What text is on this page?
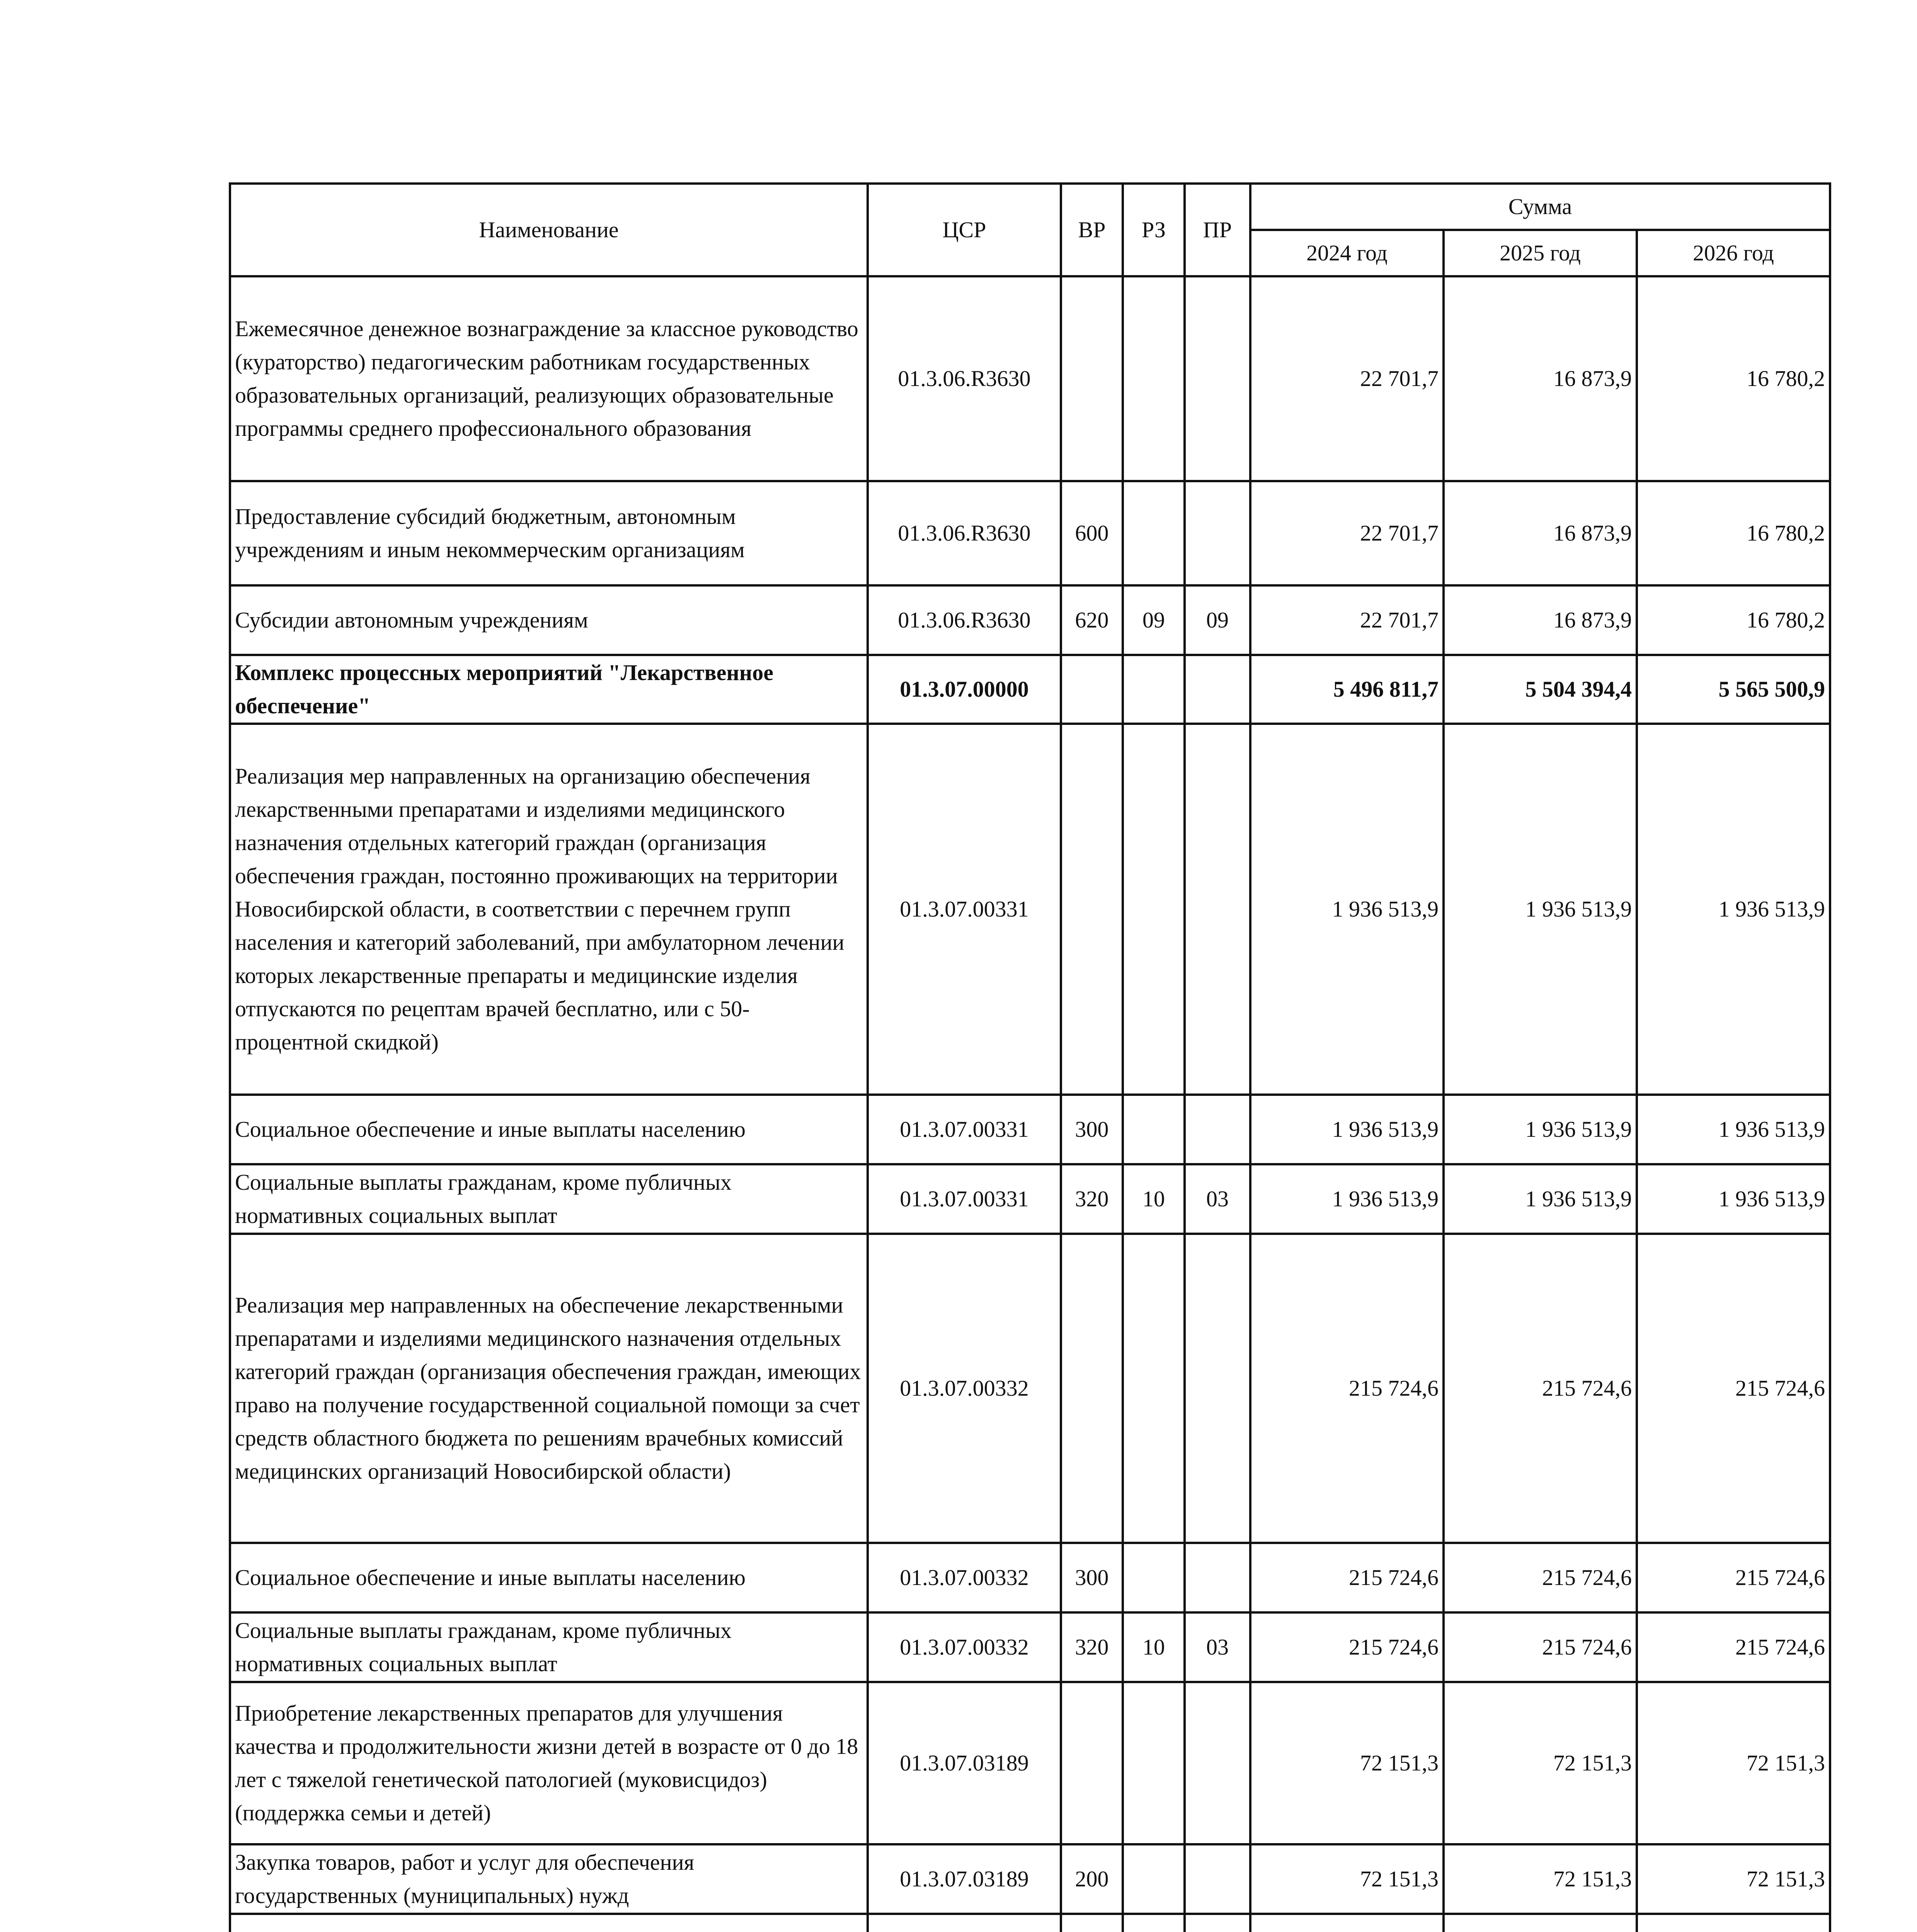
Наименование	ЦСР	ВР	РЗ	ПР	Сумма		
					2024 год	2025 год	2026 год
Ежемесячное денежное вознаграждение за классное руководство (кураторство) педагогическим работникам государственных образовательных организаций, реализующих образовательные программы среднего профессионального образования	01.3.06.R3630				22 701,7	16 873,9	16 780,2
Предоставление субсидий бюджетным, автономным учреждениям и иным некоммерческим организациям	01.3.06.R3630	600			22 701,7	16 873,9	16 780,2
Субсидии автономным учреждениям	01.3.06.R3630	620	09	09	22 701,7	16 873,9	16 780,2
Комплекс процессных мероприятий "Лекарственное обеспечение"	01.3.07.00000				5 496 811,7	5 504 394,4	5 565 500,9
Реализация мер направленных на организацию обеспечения лекарственными препаратами и изделиями медицинского назначения отдельных категорий граждан (организация обеспечения граждан, постоянно проживающих на территории Новосибирской области, в соответствии с перечнем групп населения и категорий заболеваний, при амбулаторном лечении которых лекарственные препараты и медицинские изделия отпускаются по рецептам врачей бесплатно, или с 50-процентной скидкой)	01.3.07.00331				1 936 513,9	1 936 513,9	1 936 513,9
Социальное обеспечение и иные выплаты населению	01.3.07.00331	300			1 936 513,9	1 936 513,9	1 936 513,9
Социальные выплаты гражданам, кроме публичных нормативных социальных выплат	01.3.07.00331	320	10	03	1 936 513,9	1 936 513,9	1 936 513,9
Реализация мер направленных на обеспечение лекарственными препаратами и изделиями медицинского назначения отдельных категорий граждан (организация обеспечения граждан, имеющих право на получение государственной социальной помощи за счет средств областного бюджета по решениям врачебных комиссий медицинских организаций Новосибирской области)	01.3.07.00332				215 724,6	215 724,6	215 724,6
Социальное обеспечение и иные выплаты населению	01.3.07.00332	300			215 724,6	215 724,6	215 724,6
Социальные выплаты гражданам, кроме публичных нормативных социальных выплат	01.3.07.00332	320	10	03	215 724,6	215 724,6	215 724,6
Приобретение лекарственных препаратов для улучшения качества и продолжительности жизни детей в возрасте от 0 до 18 лет с тяжелой генетической патологией (муковисцидоз) (поддержка семьи и детей)	01.3.07.03189				72 151,3	72 151,3	72 151,3
Закупка товаров, работ и услуг для обеспечения государственных (муниципальных) нужд	01.3.07.03189	200			72 151,3	72 151,3	72 151,3
